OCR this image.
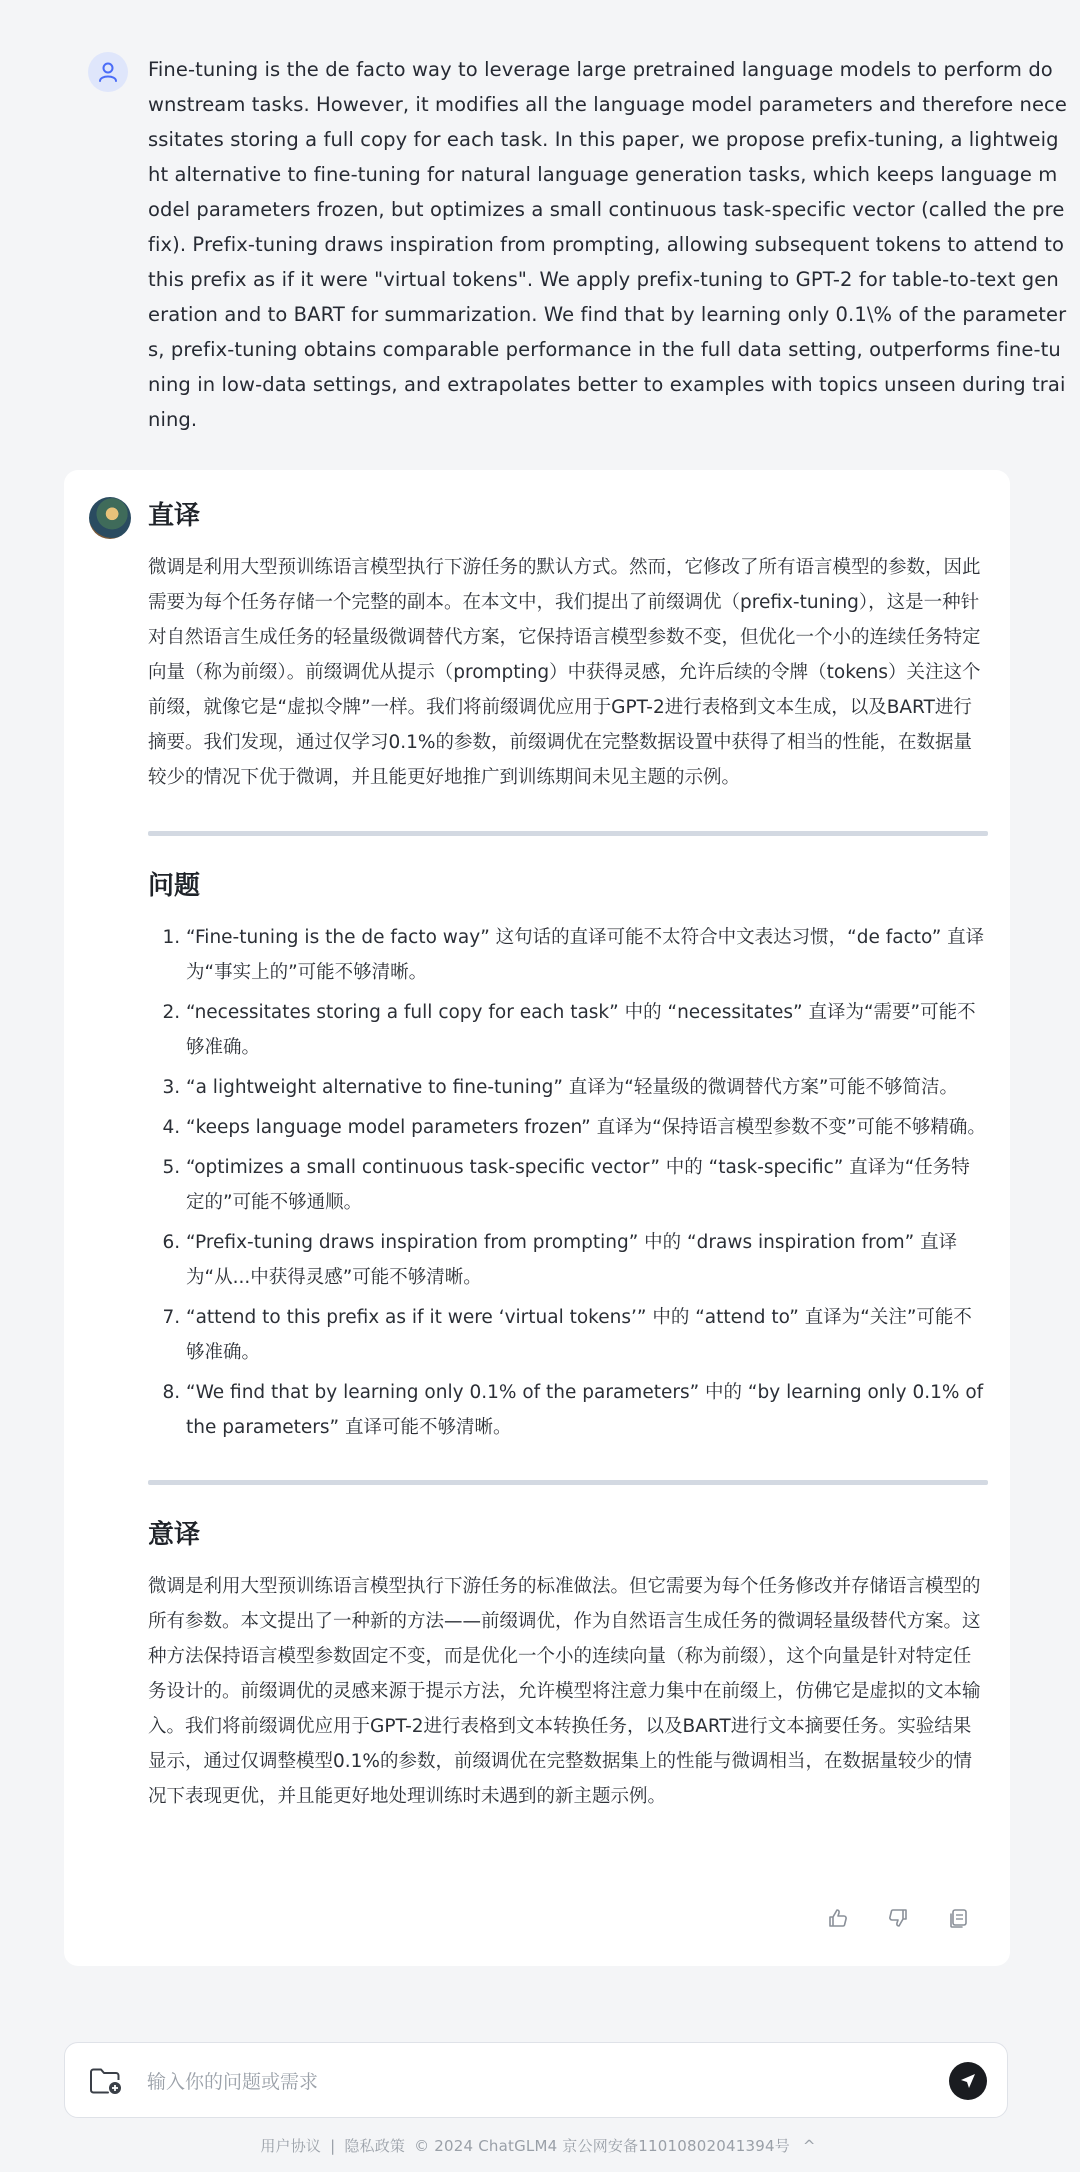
Fine-tuning is the de facto way to leverage large pretrained language models to perform downstream tasks. However, it modifies all the language model parameters and therefore necessitates storing a full copy for each task. In this paper, we propose prefix-tuning, a lightweight alternative to fine-tuning for natural language generation tasks, which keeps language model parameters frozen, but optimizes a small continuous task-specific vector (called the prefix). Prefix-tuning draws inspiration from prompting, allowing subsequent tokens to attend to this prefix as if it were "virtual tokens". We apply prefix-tuning to GPT-2 for table-to-text generation and to BART for summarization. We find that by learning only 0.1\% of the parameters, prefix-tuning obtains comparable performance in the full data setting, outperforms fine-tuning in low-data settings, and extrapolates better to examples with topics unseen during training.
直译

微调是利用大型预训练语言模型执行下游任务的默认方式。然而，它修改了所有语言模型的参数，因此需要为每个任务存储一个完整的副本。在本文中，我们提出了前缀调优（prefix-tuning），这是一种针对自然语言生成任务的轻量级微调替代方案，它保持语言模型参数不变，但优化一个小的连续任务特定向量（称为前缀）。前缀调优从提示（prompting）中获得灵感，允许后续的令牌（tokens）关注这个前缀，就像它是“虚拟令牌”一样。我们将前缀调优应用于GPT-2进行表格到文本生成，以及BART进行摘要。我们发现，通过仅学习0.1%的参数，前缀调优在完整数据设置中获得了相当的性能，在数据量较少的情况下优于微调，并且能更好地推广到训练期间未见主题的示例。

问题
1. “Fine-tuning is the de facto way” 这句话的直译可能不太符合中文表达习惯，“de facto” 直译为“事实上的”可能不够清晰。
2. “necessitates storing a full copy for each task” 中的 “necessitates” 直译为“需要”可能不够准确。
3. “a lightweight alternative to fine-tuning” 直译为“轻量级的微调替代方案”可能不够简洁。
4. “keeps language model parameters frozen” 直译为“保持语言模型参数不变”可能不够精确。
5. “optimizes a small continuous task-specific vector” 中的 “task-specific” 直译为“任务特定的”可能不够通顺。
6. “Prefix-tuning draws inspiration from prompting” 中的 “draws inspiration from” 直译为“从...中获得灵感”可能不够清晰。
7. “attend to this prefix as if it were ‘virtual tokens’” 中的 “attend to” 直译为“关注”可能不够准确。
8. “We find that by learning only 0.1% of the parameters” 中的 “by learning only 0.1% of the parameters” 直译可能不够清晰。
意译

微调是利用大型预训练语言模型执行下游任务的标准做法。但它需要为每个任务修改并存储语言模型的所有参数。本文提出了一种新的方法——前缀调优，作为自然语言生成任务的微调轻量级替代方案。这种方法保持语言模型参数固定不变，而是优化一个小的连续向量（称为前缀），这个向量是针对特定任务设计的。前缀调优的灵感来源于提示方法，允许模型将注意力集中在前缀上，仿佛它是虚拟的文本输入。我们将前缀调优应用于GPT-2进行表格到文本转换任务，以及BART进行文本摘要任务。实验结果显示，通过仅调整模型0.1%的参数，前缀调优在完整数据集上的性能与微调相当，在数据量较少的情况下表现更优，并且能更好地处理训练时未遇到的新主题示例。

输入你的问题或需求
用户协议 | 隐私政策 © 2024 ChatGLM4 京公网安备11010802041394号 ^
